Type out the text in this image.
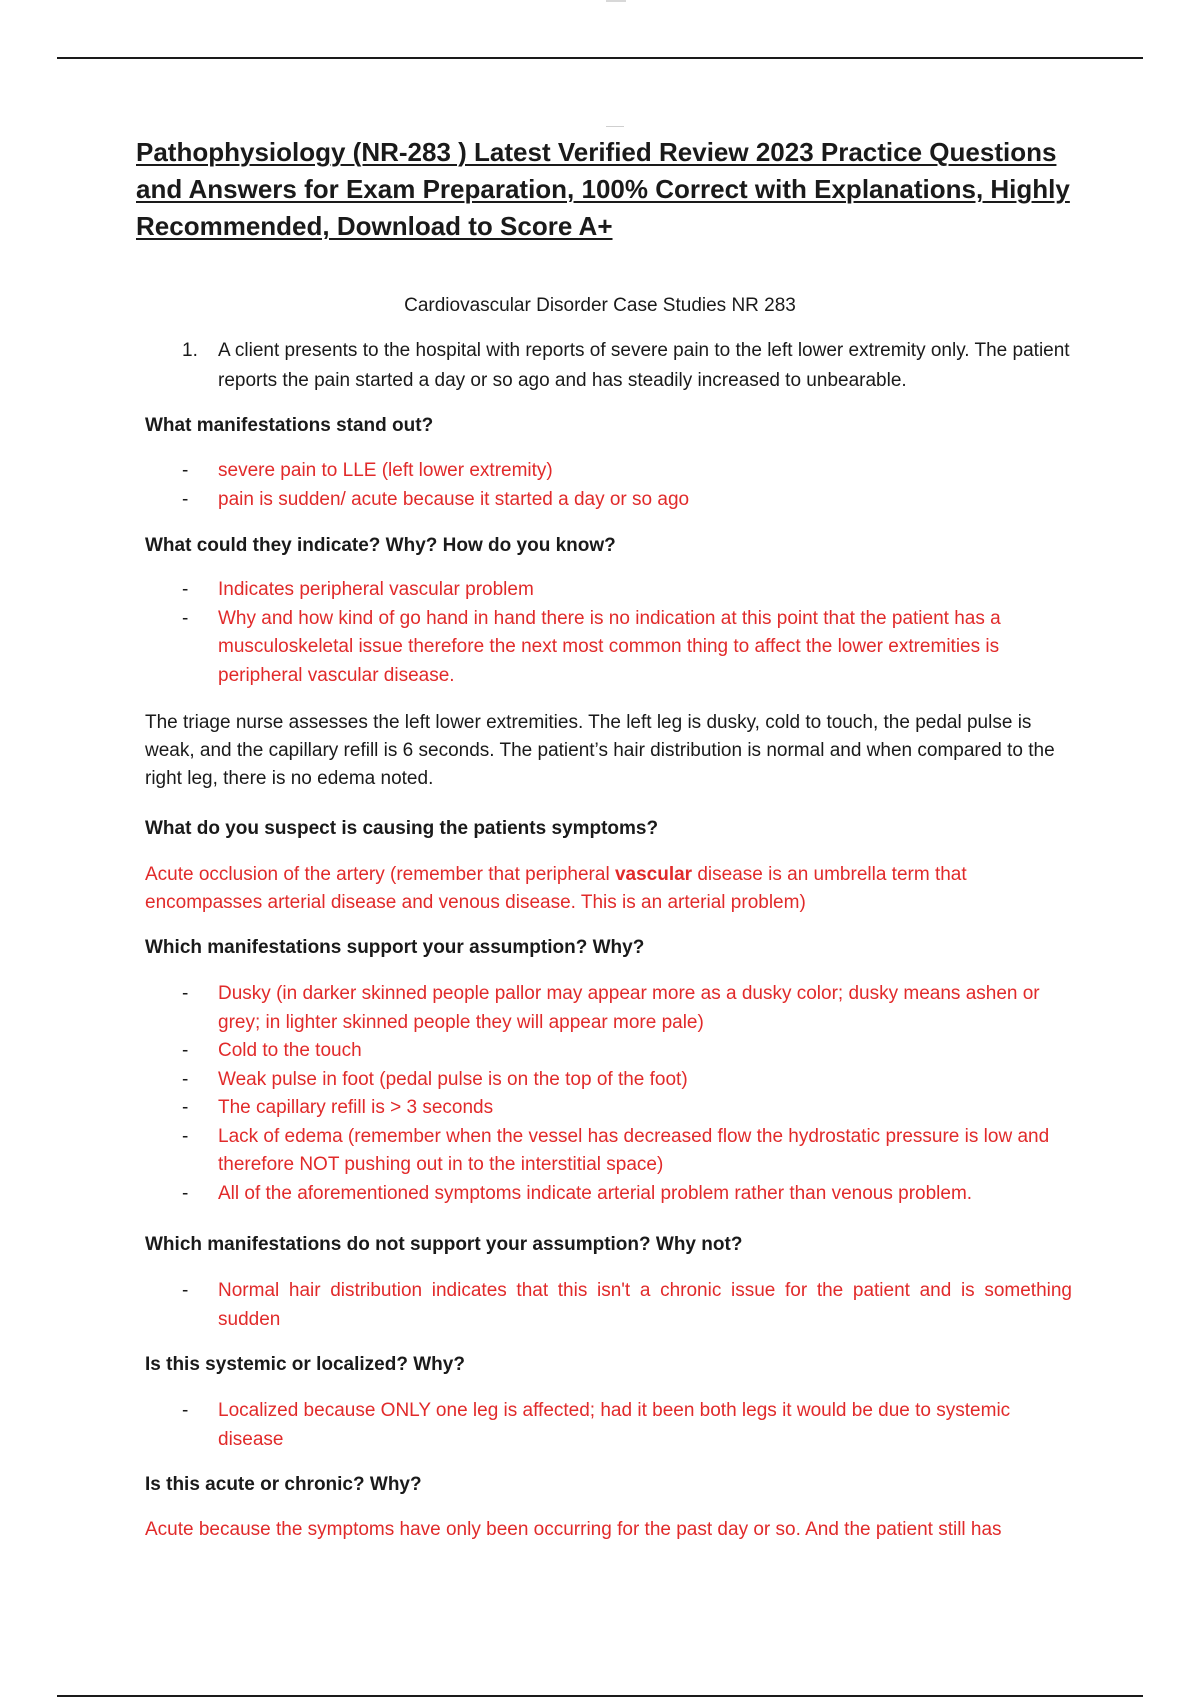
Pathophysiology (NR-283 ) Latest Verified Review 2023 Practice Questions and Answers for Exam Preparation, 100% Correct with Explanations, Highly Recommended, Download to Score A+
Cardiovascular Disorder Case Studies NR 283
1. A client presents to the hospital with reports of severe pain to the left lower extremity only. The patient reports the pain started a day or so ago and has steadily increased to unbearable.
What manifestations stand out?
- severe pain to LLE (left lower extremity)
- pain is sudden/ acute because it started a day or so ago
What could they indicate? Why? How do you know?
- Indicates peripheral vascular problem
- Why and how kind of go hand in hand there is no indication at this point that the patient has a musculoskeletal issue therefore the next most common thing to affect the lower extremities is peripheral vascular disease.
The triage nurse assesses the left lower extremities. The left leg is dusky, cold to touch, the pedal pulse is weak, and the capillary refill is 6 seconds. The patient’s hair distribution is normal and when compared to the right leg, there is no edema noted.
What do you suspect is causing the patients symptoms?
Acute occlusion of the artery (remember that peripheral vascular disease is an umbrella term that encompasses arterial disease and venous disease. This is an arterial problem)
Which manifestations support your assumption? Why?
- Dusky (in darker skinned people pallor may appear more as a dusky color; dusky means ashen or grey; in lighter skinned people they will appear more pale)
- Cold to the touch
- Weak pulse in foot (pedal pulse is on the top of the foot)
- The capillary refill is > 3 seconds
- Lack of edema (remember when the vessel has decreased flow the hydrostatic pressure is low and therefore NOT pushing out in to the interstitial space)
- All of the aforementioned symptoms indicate arterial problem rather than venous problem.
Which manifestations do not support your assumption? Why not?
- Normal hair distribution indicates that this isn't a chronic issue for the patient and is something sudden
Is this systemic or localized? Why?
- Localized because ONLY one leg is affected; had it been both legs it would be due to systemic disease
Is this acute or chronic? Why?
Acute because the symptoms have only been occurring for the past day or so. And the patient still has
